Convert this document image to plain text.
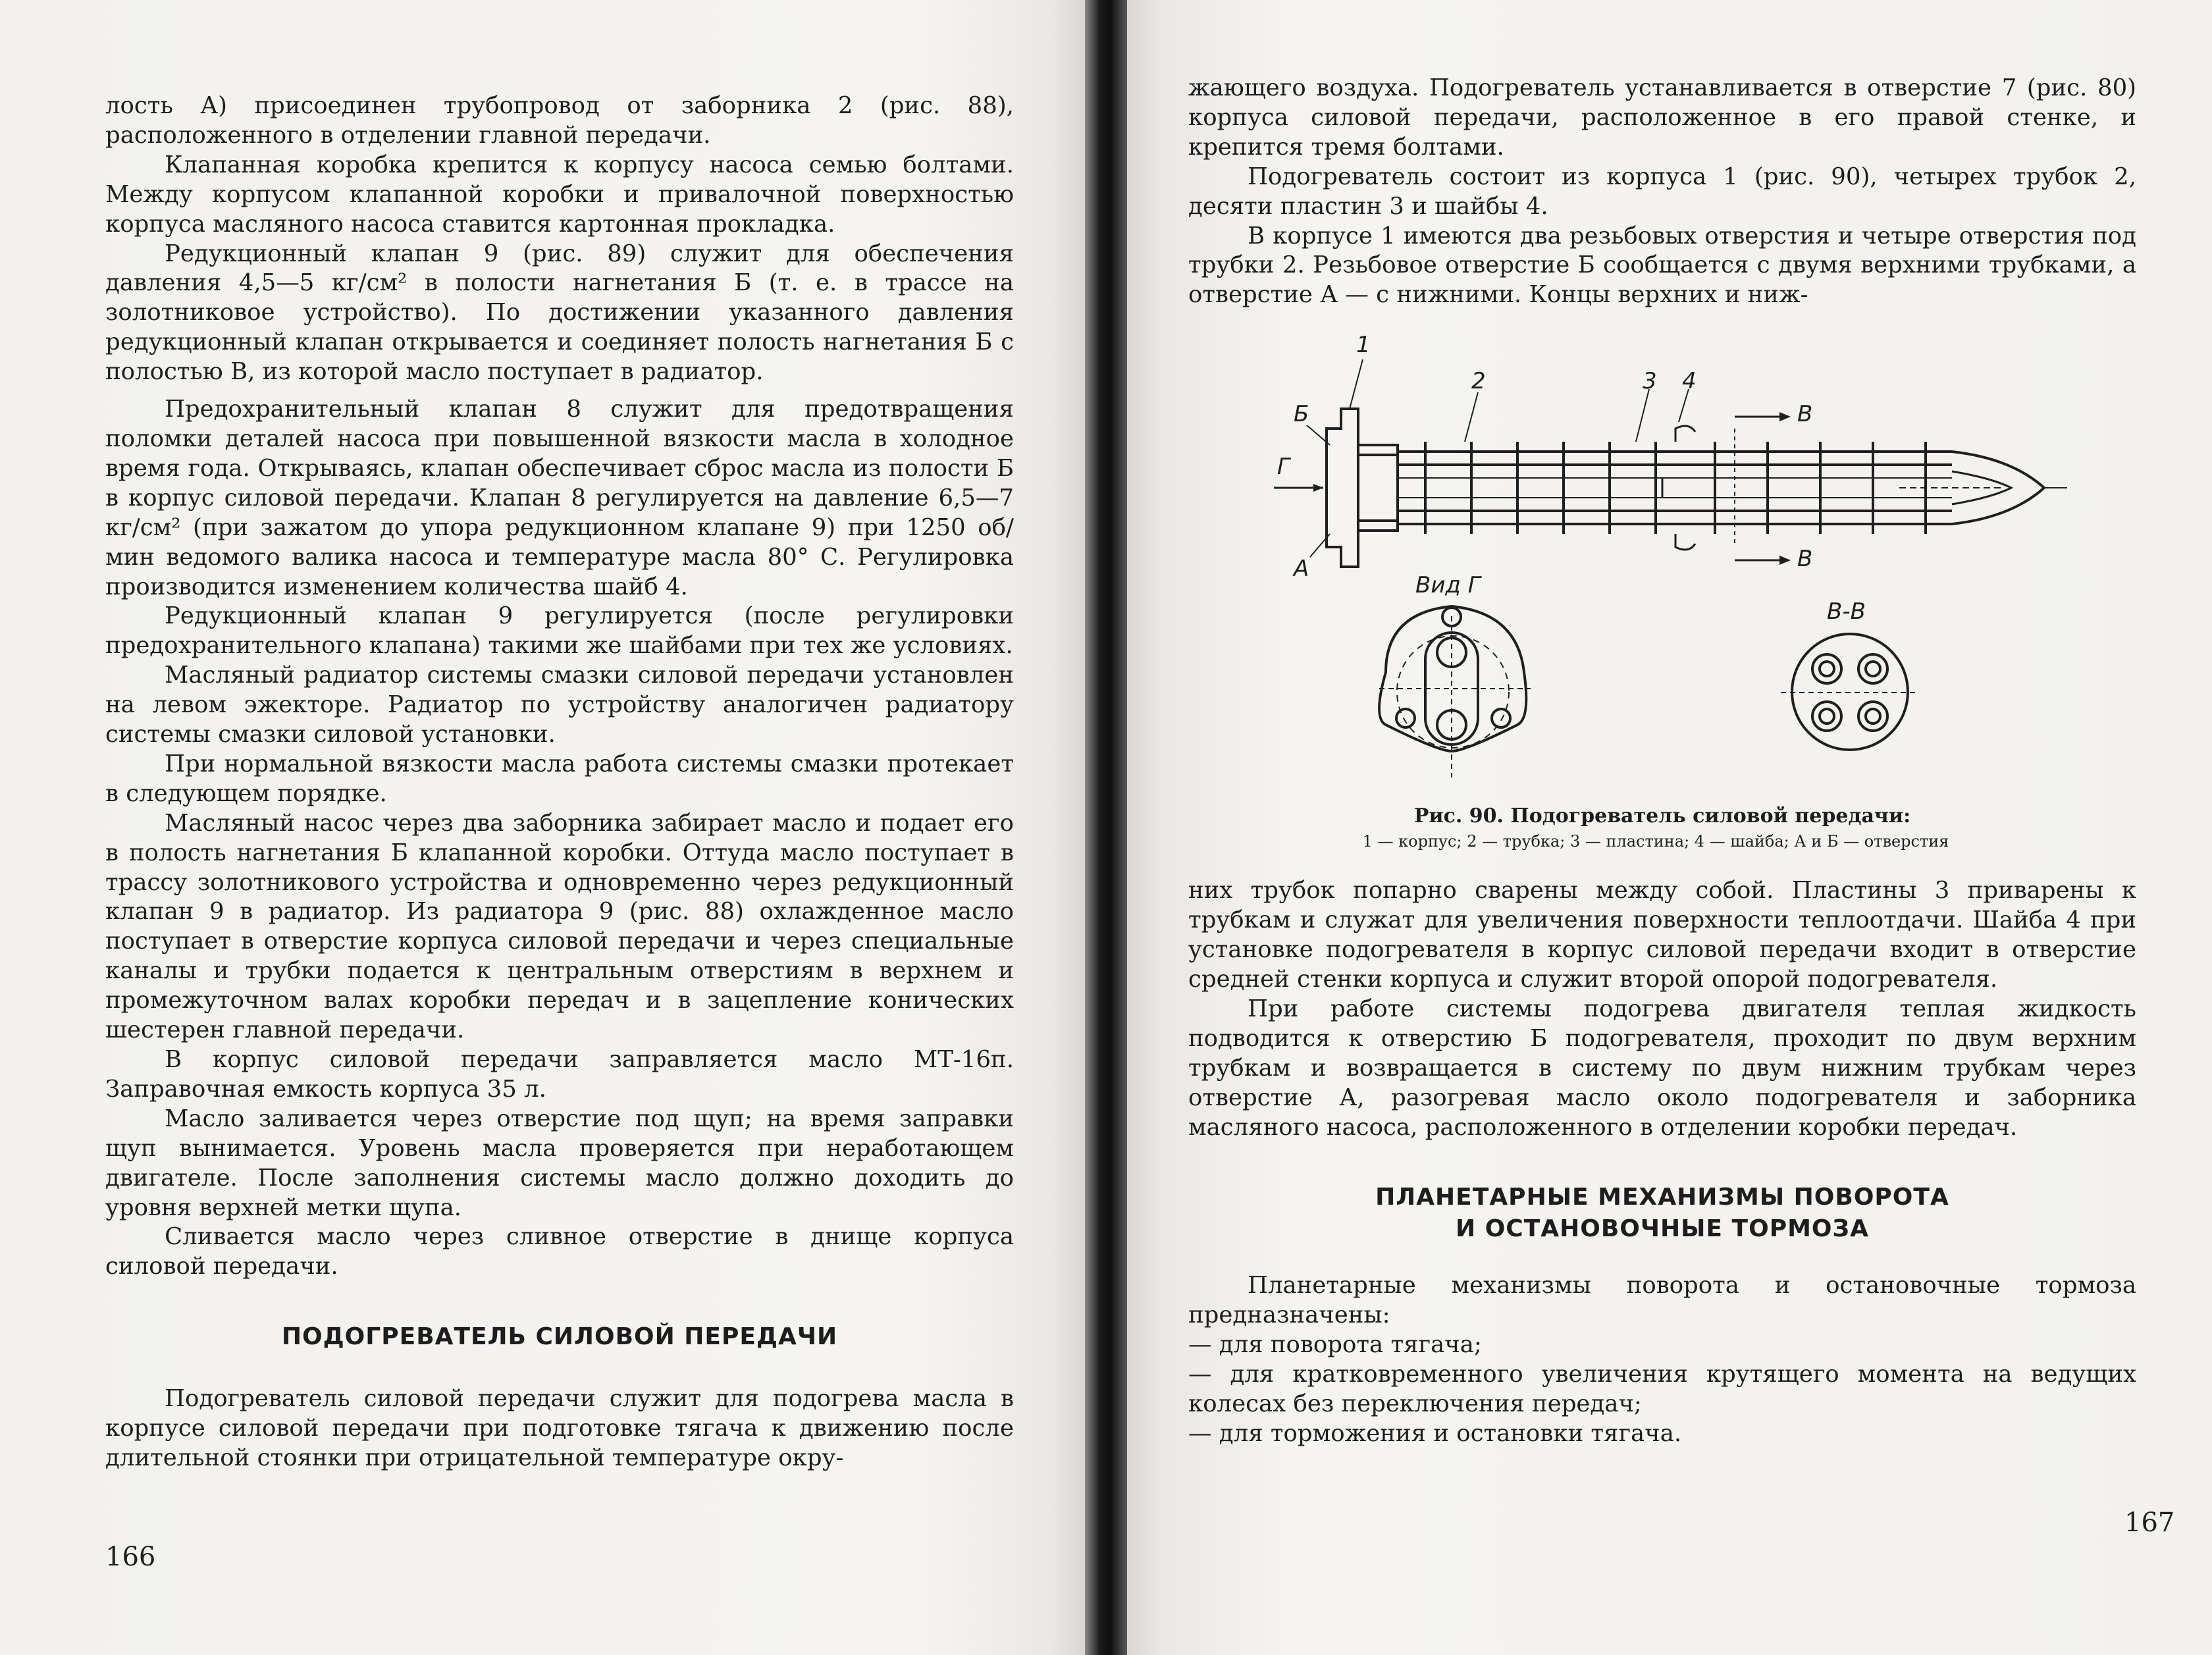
лость А) присоединен трубопровод от заборника 2 (рис. 88), расположенного в отделении главной передачи.

Клапанная коробка крепится к корпусу насоса семью болтами. Между корпусом клапанной коробки и привалочной поверхностью корпуса масляного насоса ставится картонная прокладка.

Редукционный клапан 9 (рис. 89) служит для обеспечения давления 4,5—5 кг/см² в полости нагнетания Б (т. е. в трассе на золотниковое устройство). По достижении указанного давления редукционный клапан открывается и соединяет полость нагнетания Б с полостью В, из которой масло поступает в радиатор.

Предохранительный клапан 8 служит для предотвращения поломки деталей насоса при повышенной вязкости масла в холодное время года. Открываясь, клапан обеспечивает сброс масла из полости Б в корпус силовой передачи. Клапан 8 регулируется на давление 6,5—7 кг/см² (при зажатом до упора редукционном клапане 9) при 1250 об/мин ведомого валика насоса и температуре масла 80° С. Регулировка производится изменением количества шайб 4.

Редукционный клапан 9 регулируется (после регулировки предохранительного клапана) такими же шайбами при тех же условиях.

Масляный радиатор системы смазки силовой передачи установлен на левом эжекторе. Радиатор по устройству аналогичен радиатору системы смазки силовой установки.

При нормальной вязкости масла работа системы смазки протекает в следующем порядке.

Масляный насос через два заборника забирает масло и подает его в полость нагнетания Б клапанной коробки. Оттуда масло поступает в трассу золотникового устройства и одновременно через редукционный клапан 9 в радиатор. Из радиатора 9 (рис. 88) охлажденное масло поступает в отверстие корпуса силовой передачи и через специальные каналы и трубки подается к центральным отверстиям в верхнем и промежуточном валах коробки передач и в зацепление конических шестерен главной передачи.

В корпус силовой передачи заправляется масло МТ-16п. Заправочная емкость корпуса 35 л.

Масло заливается через отверстие под щуп; на время заправки щуп вынимается. Уровень масла проверяется при неработающем двигателе. После заполнения системы масло должно доходить до уровня верхней метки щупа.

Сливается масло через сливное отверстие в днище корпуса силовой передачи.

ПОДОГРЕВАТЕЛЬ СИЛОВОЙ ПЕРЕДАЧИ

Подогреватель силовой передачи служит для подогрева масла в корпусе силовой передачи при подготовке тягача к движению после длительной стоянки при отрицательной температуре окру-

166

жающего воздуха. Подогреватель устанавливается в отверстие 7 (рис. 80) корпуса силовой передачи, расположенное в его правой стенке, и крепится тремя болтами.

Подогреватель состоит из корпуса 1 (рис. 90), четырех трубок 2, десяти пластин 3 и шайбы 4.

В корпусе 1 имеются два резьбовых отверстия и четыре отверстия под трубки 2. Резьбовое отверстие Б сообщается с двумя верхними трубками, а отверстие А — с нижними. Концы верхних и ниж-

1
2	3 4
Б
А
Г
В
В
Вид Г
В-В
Рис. 90. Подогреватель силовой передачи:
1 — корпус; 2 — трубка; 3 — пластина; 4 — шайба; А и Б — отверстия

них трубок попарно сварены между собой. Пластины 3 приварены к трубкам и служат для увеличения поверхности теплоотдачи. Шайба 4 при установке подогревателя в корпус силовой передачи входит в отверстие средней стенки корпуса и служит второй опорой подогревателя.

При работе системы подогрева двигателя теплая жидкость подводится к отверстию Б подогревателя, проходит по двум верхним трубкам и возвращается в систему по двум нижним трубкам через отверстие А, разогревая масло около подогревателя и заборника масляного насоса, расположенного в отделении коробки передач.

ПЛАНЕТАРНЫЕ МЕХАНИЗМЫ ПОВОРОТА
И ОСТАНОВОЧНЫЕ ТОРМОЗА

Планетарные механизмы поворота и остановочные тормоза предназначены:

— для поворота тягача;

— для кратковременного увеличения крутящего момента на ведущих колесах без переключения передач;

— для торможения и остановки тягача.

167
